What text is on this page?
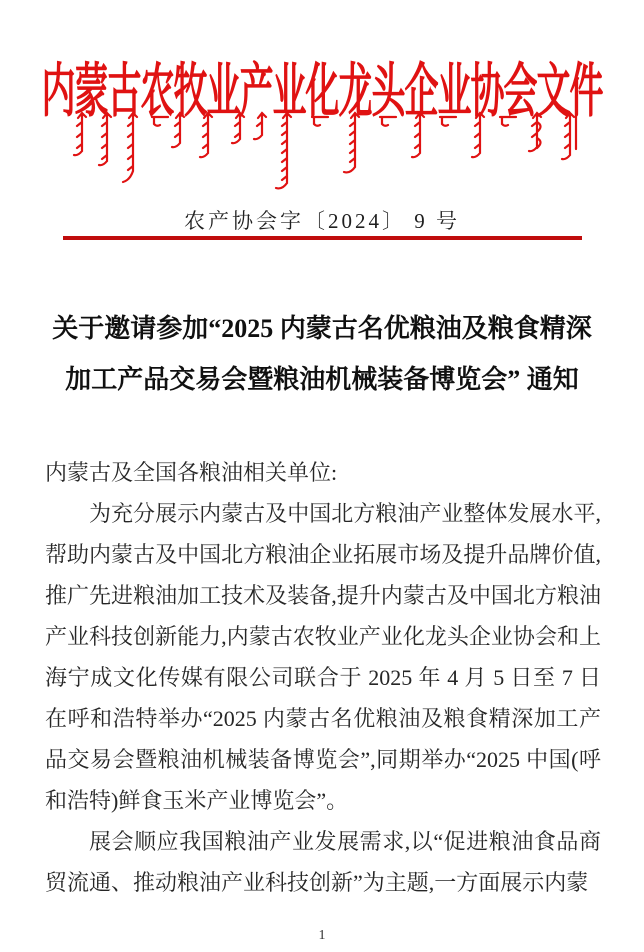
内蒙古农牧业产业化龙头企业协会文件
农产协会字〔2024〕 9 号
关于邀请参加“2025 内蒙古名优粮油及粮食精深
加工产品交易会暨粮油机械装备博览会” 通知

内蒙古及全国各粮油相关单位:

为充分展示内蒙古及中国北方粮油产业整体发展水平,帮助内蒙古及中国北方粮油企业拓展市场及提升品牌价值,推广先进粮油加工技术及装备,提升内蒙古及中国北方粮油产业科技创新能力,内蒙古农牧业产业化龙头企业协会和上海宁成文化传媒有限公司联合于 2025 年 4 月 5 日至 7 日在呼和浩特举办“2025 内蒙古名优粮油及粮食精深加工产品交易会暨粮油机械装备博览会”,同期举办“2025 中国(呼和浩特)鲜食玉米产业博览会”。

展会顺应我国粮油产业发展需求,以“促进粮油食品商贸流通、推动粮油产业科技创新”为主题,一方面展示内蒙

1
